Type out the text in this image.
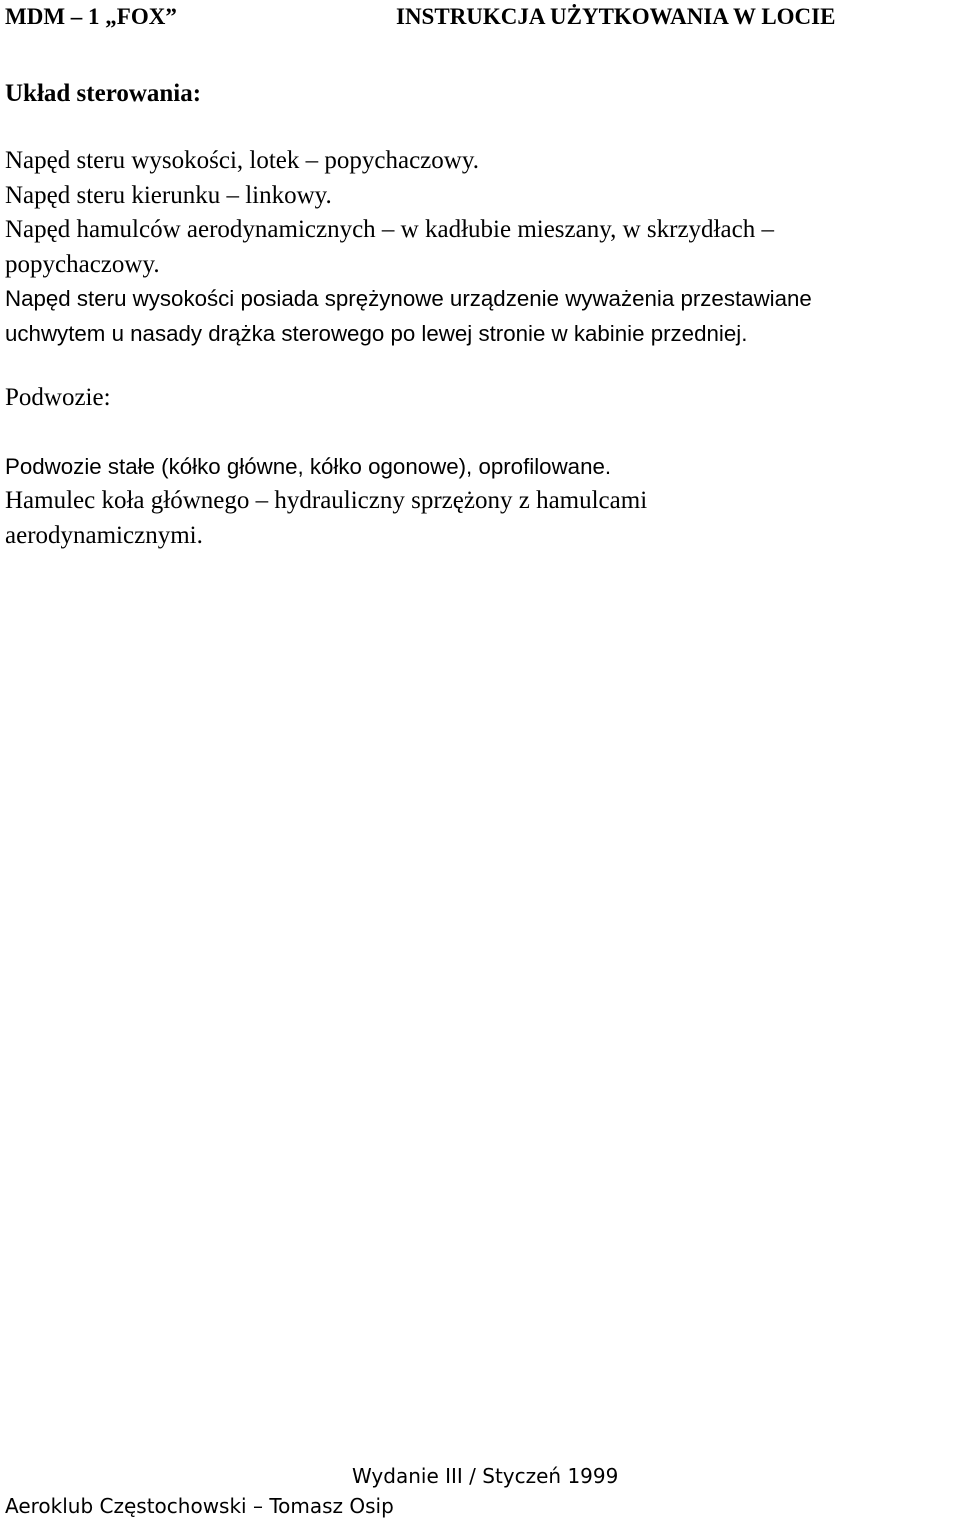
MDM – 1 „FOX”	INSTRUKCJA UŻYTKOWANIA W LOCIE
Układ sterowania:
Napęd steru wysokości, lotek – popychaczowy.
Napęd steru kierunku – linkowy.
Napęd hamulców aerodynamicznych – w kadłubie mieszany, w skrzydłach –
popychaczowy.
Napęd steru wysokości posiada sprężynowe urządzenie wyważenia przestawiane
uchwytem u nasady drążka sterowego po lewej stronie w kabinie przedniej.
Podwozie:
Podwozie stałe (kółko główne, kółko ogonowe), oprofilowane.
Hamulec koła głównego – hydrauliczny sprzężony z hamulcami
aerodynamicznymi.
Wydanie III / Styczeń 1999
Aeroklub Częstochowski – Tomasz Osip
